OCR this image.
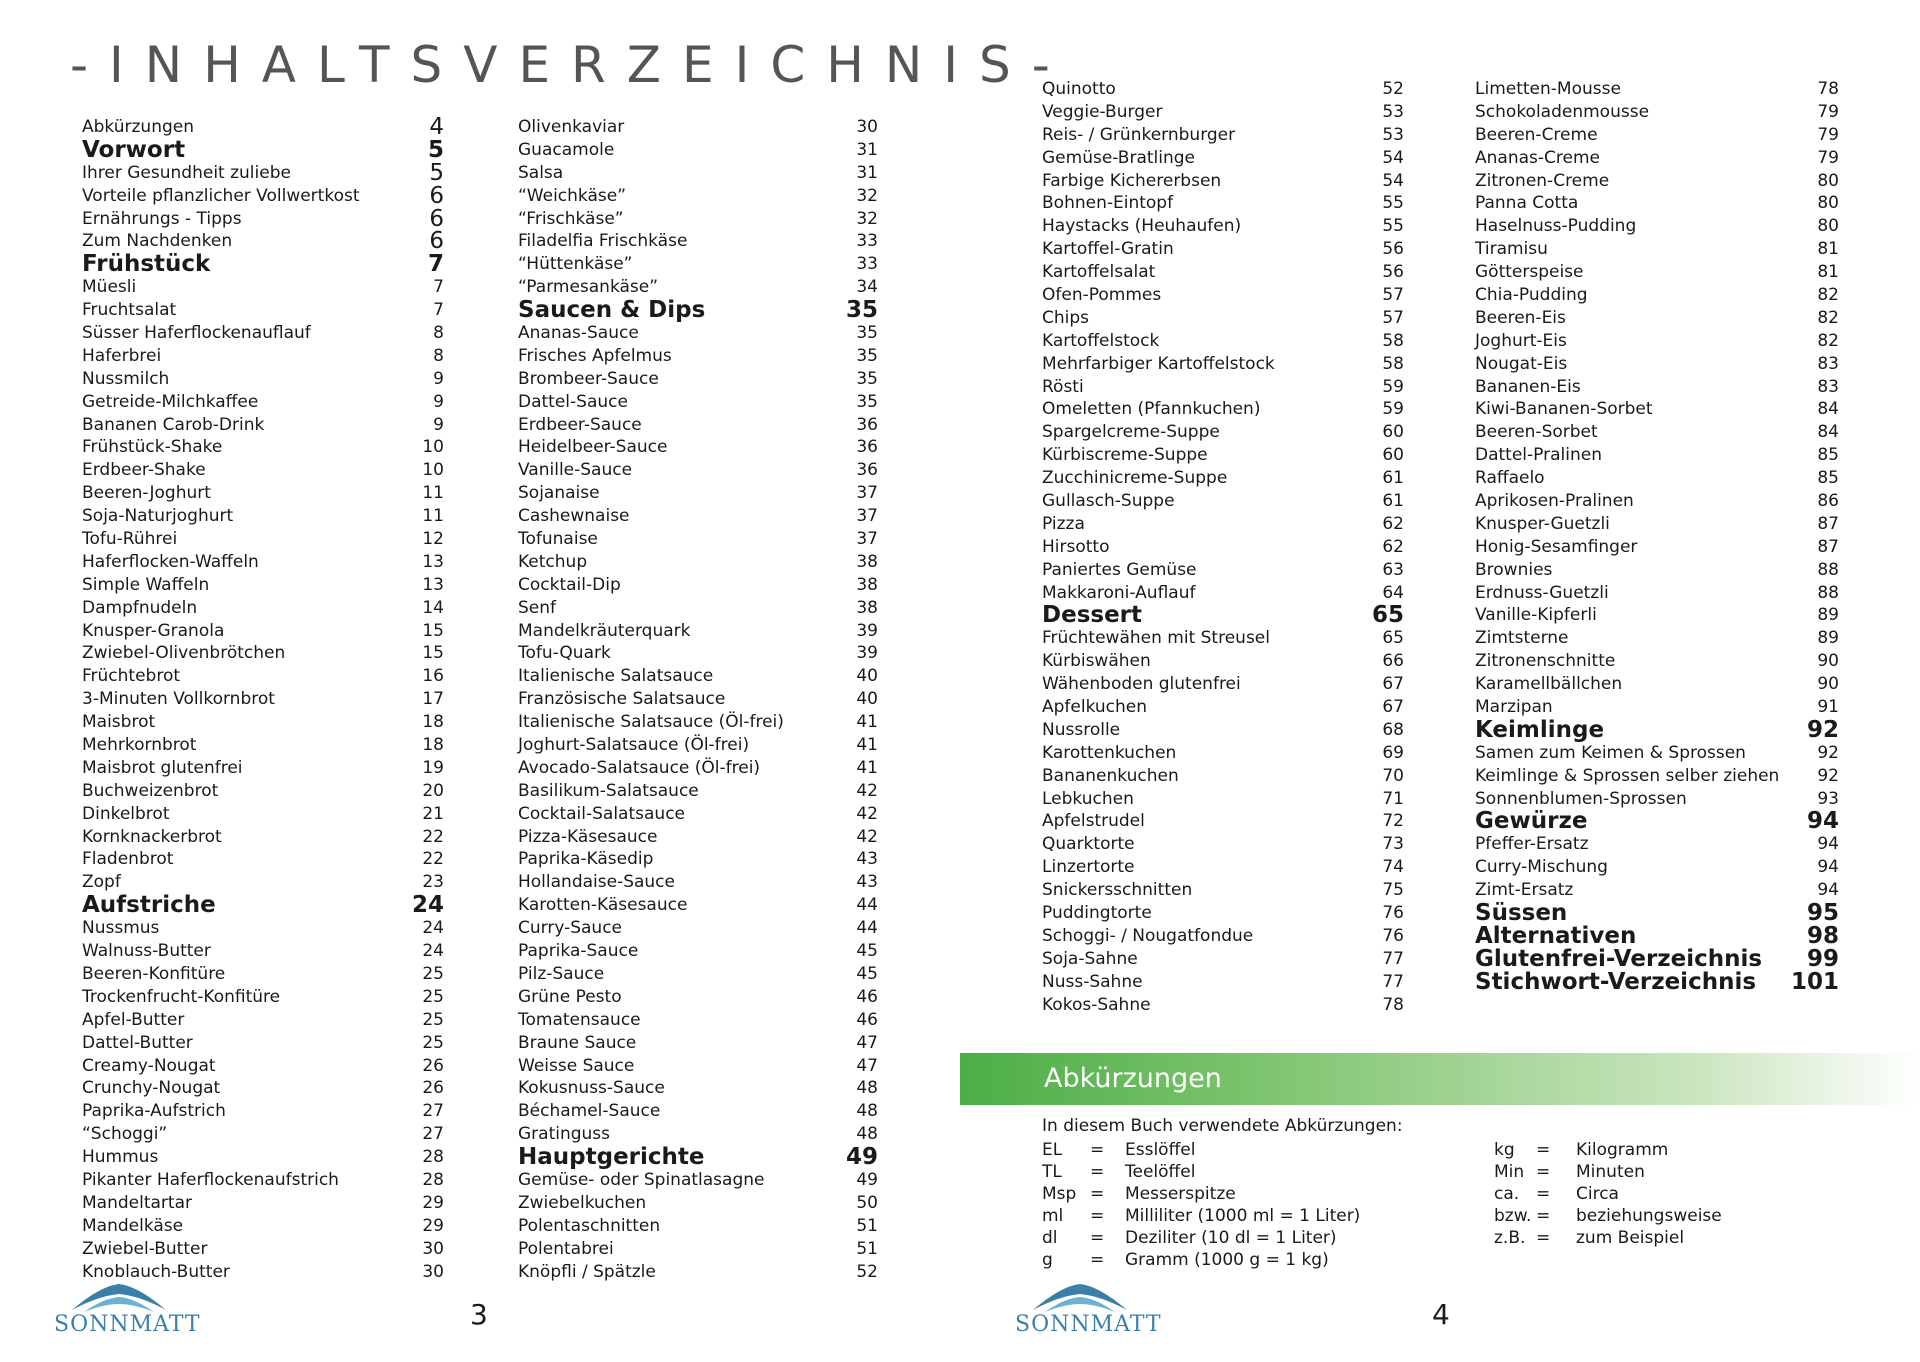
-INHALTSVERZEICHNIS-
Abkürzungen	4
Vorwort	5
Ihrer Gesundheit zuliebe	5
Vorteile pflanzlicher Vollwertkost	6
Ernährungs - Tipps	6
Zum Nachdenken	6
Frühstück	7
Müesli	7
Fruchtsalat	7
Süsser Haferflockenauflauf	8
Haferbrei	8
Nussmilch	9
Getreide-Milchkaffee	9
Bananen Carob-Drink	9
Frühstück-Shake	10
Erdbeer-Shake	10
Beeren-Joghurt	11
Soja-Naturjoghurt	11
Tofu-Rührei	12
Haferflocken-Waffeln	13
Simple Waffeln	13
Dampfnudeln	14
Knusper-Granola	15
Zwiebel-Olivenbrötchen	15
Früchtebrot	16
3-Minuten Vollkornbrot	17
Maisbrot	18
Mehrkornbrot	18
Maisbrot glutenfrei	19
Buchweizenbrot	20
Dinkelbrot	21
Kornknackerbrot	22
Fladenbrot	22
Zopf	23
Aufstriche	24
Nussmus	24
Walnuss-Butter	24
Beeren-Konfitüre	25
Trockenfrucht-Konfitüre	25
Apfel-Butter	25
Dattel-Butter	25
Creamy-Nougat	26
Crunchy-Nougat	26
Paprika-Aufstrich	27
“Schoggi”	27
Hummus	28
Pikanter Haferflockenaufstrich	28
Mandeltartar	29
Mandelkäse	29
Zwiebel-Butter	30
Knoblauch-Butter	30
Olivenkaviar	30
Guacamole	31
Salsa	31
“Weichkäse”	32
“Frischkäse”	32
Filadelfia Frischkäse	33
“Hüttenkäse”	33
“Parmesankäse”	34
Saucen & Dips	35
Ananas-Sauce	35
Frisches Apfelmus	35
Brombeer-Sauce	35
Dattel-Sauce	35
Erdbeer-Sauce	36
Heidelbeer-Sauce	36
Vanille-Sauce	36
Sojanaise	37
Cashewnaise	37
Tofunaise	37
Ketchup	38
Cocktail-Dip	38
Senf	38
Mandelkräuterquark	39
Tofu-Quark	39
Italienische Salatsauce	40
Französische Salatsauce	40
Italienische Salatsauce (Öl-frei)	41
Joghurt-Salatsauce (Öl-frei)	41
Avocado-Salatsauce (Öl-frei)	41
Basilikum-Salatsauce	42
Cocktail-Salatsauce	42
Pizza-Käsesauce	42
Paprika-Käsedip	43
Hollandaise-Sauce	43
Karotten-Käsesauce	44
Curry-Sauce	44
Paprika-Sauce	45
Pilz-Sauce	45
Grüne Pesto	46
Tomatensauce	46
Braune Sauce	47
Weisse Sauce	47
Kokusnuss-Sauce	48
Béchamel-Sauce	48
Gratinguss	48
Hauptgerichte	49
Gemüse- oder Spinatlasagne	49
Zwiebelkuchen	50
Polentaschnitten	51
Polentabrei	51
Knöpfli / Spätzle	52
Quinotto	52
Veggie-Burger	53
Reis- / Grünkernburger	53
Gemüse-Bratlinge	54
Farbige Kichererbsen	54
Bohnen-Eintopf	55
Haystacks (Heuhaufen)	55
Kartoffel-Gratin	56
Kartoffelsalat	56
Ofen-Pommes	57
Chips	57
Kartoffelstock	58
Mehrfarbiger Kartoffelstock	58
Rösti	59
Omeletten (Pfannkuchen)	59
Spargelcreme-Suppe	60
Kürbiscreme-Suppe	60
Zucchinicreme-Suppe	61
Gullasch-Suppe	61
Pizza	62
Hirsotto	62
Paniertes Gemüse	63
Makkaroni-Auflauf	64
Dessert	65
Früchtewähen mit Streusel	65
Kürbiswähen	66
Wähenboden glutenfrei	67
Apfelkuchen	67
Nussrolle	68
Karottenkuchen	69
Bananenkuchen	70
Lebkuchen	71
Apfelstrudel	72
Quarktorte	73
Linzertorte	74
Snickersschnitten	75
Puddingtorte	76
Schoggi- / Nougatfondue	76
Soja-Sahne	77
Nuss-Sahne	77
Kokos-Sahne	78
Limetten-Mousse	78
Schokoladenmousse	79
Beeren-Creme	79
Ananas-Creme	79
Zitronen-Creme	80
Panna Cotta	80
Haselnuss-Pudding	80
Tiramisu	81
Götterspeise	81
Chia-Pudding	82
Beeren-Eis	82
Joghurt-Eis	82
Nougat-Eis	83
Bananen-Eis	83
Kiwi-Bananen-Sorbet	84
Beeren-Sorbet	84
Dattel-Pralinen	85
Raffaelo	85
Aprikosen-Pralinen	86
Knusper-Guetzli	87
Honig-Sesamfinger	87
Brownies	88
Erdnuss-Guetzli	88
Vanille-Kipferli	89
Zimtsterne	89
Zitronenschnitte	90
Karamellbällchen	90
Marzipan	91
Keimlinge	92
Samen zum Keimen & Sprossen	92
Keimlinge & Sprossen selber ziehen 92
Sonnenblumen-Sprossen	93
Gewürze	94
Pfeffer-Ersatz	94
Curry-Mischung	94
Zimt-Ersatz	94
Süssen	95
Alternativen	98
Glutenfrei-Verzeichnis 99
Stichwort-Verzeichnis 101
Abkürzungen
In diesem Buch verwendete Abkürzungen:
EL	=	Esslöffel
TL	=	Teelöffel
Msp =	Messerspitze
ml	=	Milliliter (1000 ml = 1 Liter)
dl	=	Deziliter (10 dl = 1 Liter)
g	=	Gramm (1000 g = 1 kg)
kg	=	Kilogramm
Min =	Minuten
ca. =	Circa
bzw. =	beziehungsweise
z.B. =	zum Beispiel
SONNMATT	3	SONNMATT	4
